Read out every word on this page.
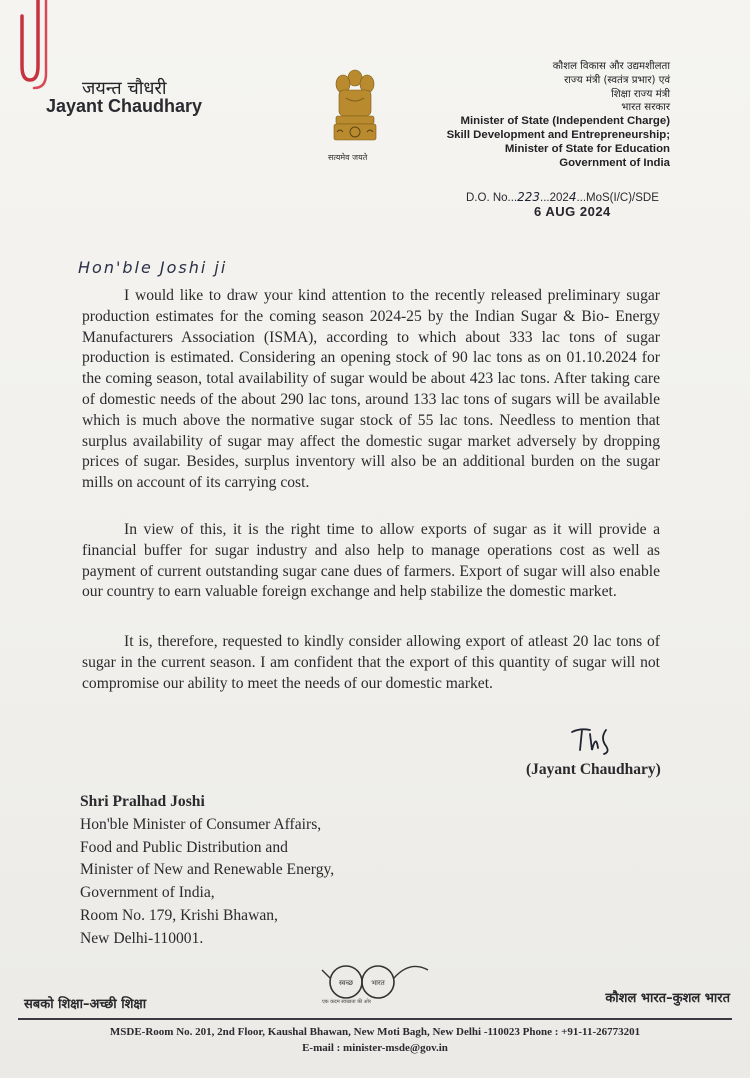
जयन्त चौधरी
Jayant Chaudhary
सत्यमेव जयते
कौशल विकास और उद्यमशीलता
राज्य मंत्री (स्वतंत्र प्रभार) एवं
शिक्षा राज्य मंत्री
भारत सरकार
Minister of State (Independent Charge)
Skill Development and Entrepreneurship;
Minister of State for Education
Government of India
D.O. No...223...2024...MoS(I/C)/SDE
6 AUG 2024
Hon'ble Joshi ji

I would like to draw your kind attention to the recently released preliminary sugar production estimates for the coming season 2024-25 by the Indian Sugar & Bio- Energy Manufacturers Association (ISMA), according to which about 333 lac tons of sugar production is estimated. Considering an opening stock of 90 lac tons as on 01.10.2024 for the coming season, total availability of sugar would be about 423 lac tons. After taking care of domestic needs of the about 290 lac tons, around 133 lac tons of sugars will be available which is much above the normative sugar stock of 55 lac tons. Needless to mention that surplus availability of sugar may affect the domestic sugar market adversely by dropping prices of sugar. Besides, surplus inventory will also be an additional burden on the sugar mills on account of its carrying cost.

In view of this, it is the right time to allow exports of sugar as it will provide a financial buffer for sugar industry and also help to manage operations cost as well as payment of current outstanding sugar cane dues of farmers. Export of sugar will also enable our country to earn valuable foreign exchange and help stabilize the domestic market.

It is, therefore, requested to kindly consider allowing export of atleast 20 lac tons of sugar in the current season. I am confident that the export of this quantity of sugar will not compromise our ability to meet the needs of our domestic market.

(Jayant Chaudhary)
Shri Pralhad Joshi
Hon'ble Minister of Consumer Affairs,
Food and Public Distribution and
Minister of New and Renewable Energy,
Government of India,
Room No. 179, Krishi Bhawan,
New Delhi-110001.
सबको शिक्षा–अच्छी शिक्षा
स्वच्छ	भारत
एक कदम स्वच्छता की ओर	कौशल भारत–कुशल भारत
MSDE-Room No. 201, 2nd Floor, Kaushal Bhawan, New Moti Bagh, New Delhi -110023 Phone : +91-11-26773201
E-mail : minister-msde@gov.in
